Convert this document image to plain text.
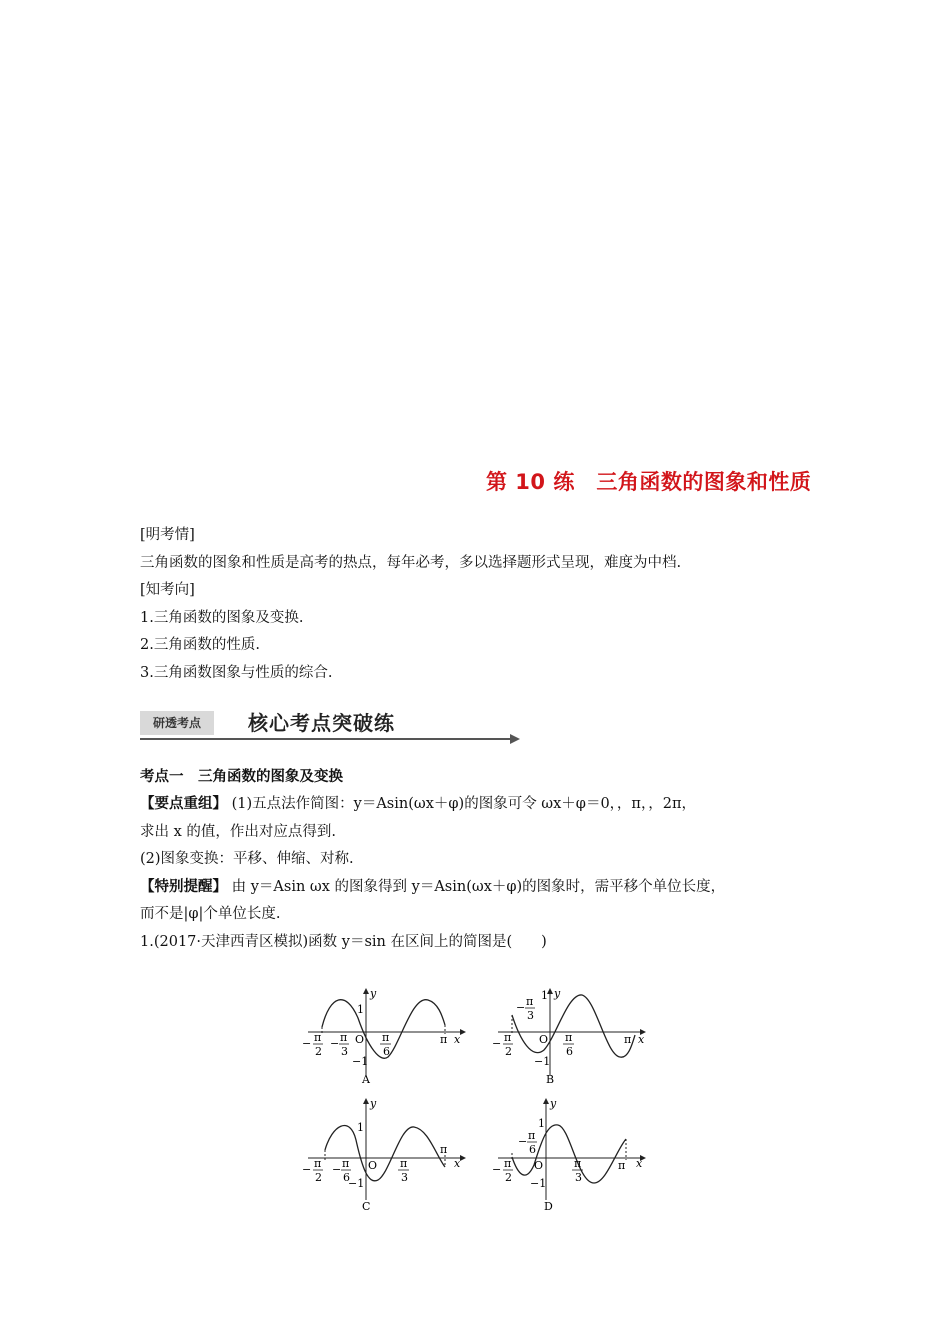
第 10 练　三角函数的图象和性质
[明考情]
三角函数的图象和性质是高考的热点，每年必考，多以选择题形式呈现，难度为中档.
[知考向]
1.三角函数的图象及变换.
2.三角函数的性质.
3.三角函数图象与性质的综合.
研透考点	核心考点突破练
考点一　三角函数的图象及变换
【要点重组】 (1)五点法作简图：y＝Asin(ωx＋φ)的图象可令 ωx＋φ＝0，，π，，2π，
求出 x 的值，作出对应点得到.
(2)图象变换：平移、伸缩、对称.
【特别提醒】 由 y＝Asin ωx 的图象得到 y＝Asin(ωx＋φ)的图象时，需平移个单位长度，
而不是|φ|个单位长度.
1.(2017·天津西青区模拟)函数 y＝sin 在区间上的简图是(　　)
− π
2
− π
3
O π
6
π x
y
1
−1
A
− π
2
− π
3
O π
6
π x
y
1
−1
B
− π
2
− π
6
O π
3
π
x
y
1
−1
C
− π
2
− π
6
O	π
3
π x
y
1
−1
D
